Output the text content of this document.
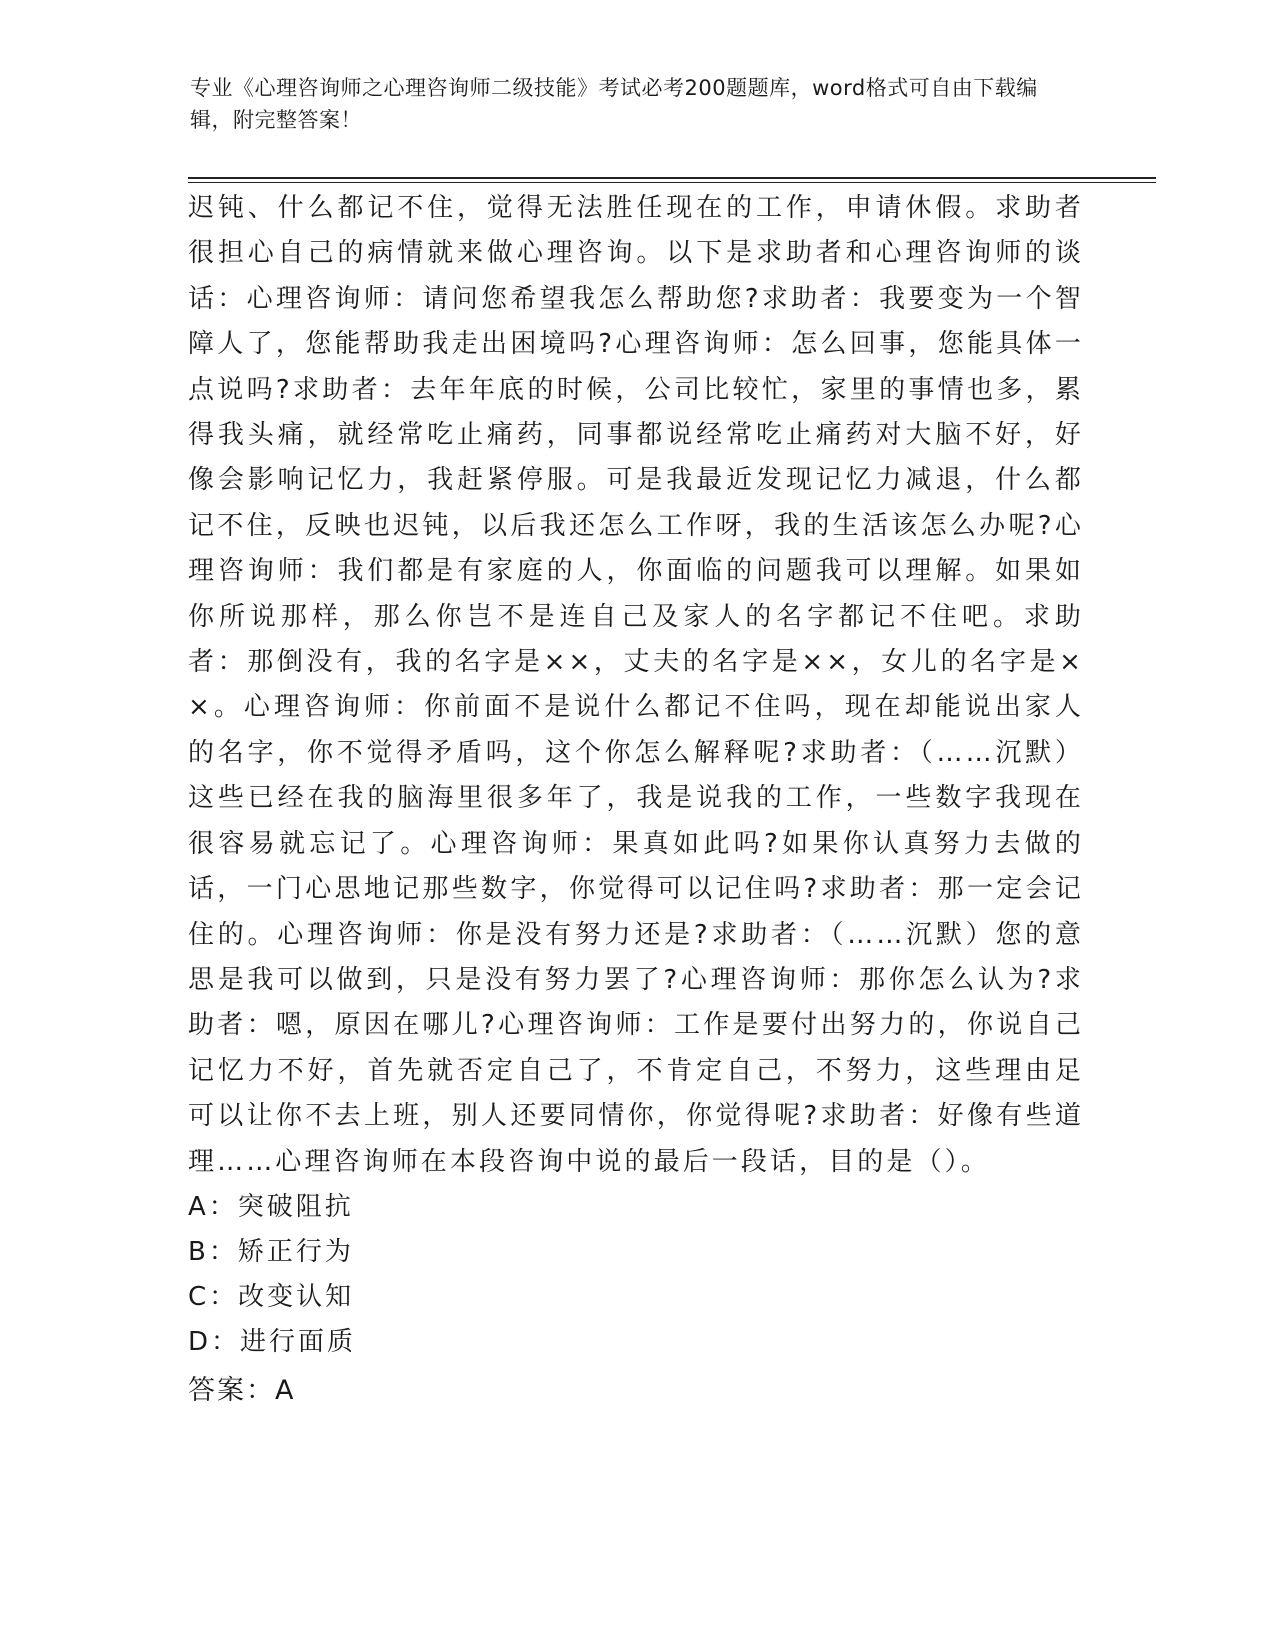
专业《心理咨询师之心理咨询师二级技能》考试必考200题题库，word格式可自由下载编辑，附完整答案！
迟钝、什么都记不住，觉得无法胜任现在的工作，申请休假。求助者很担心自己的病情就来做心理咨询。以下是求助者和心理咨询师的谈话：心理咨询师：请问您希望我怎么帮助您?求助者：我要变为一个智障人了，您能帮助我走出困境吗?心理咨询师：怎么回事，您能具体一点说吗?求助者：去年年底的时候，公司比较忙，家里的事情也多，累得我头痛，就经常吃止痛药，同事都说经常吃止痛药对大脑不好，好像会影响记忆力，我赶紧停服。可是我最近发现记忆力减退，什么都记不住，反映也迟钝，以后我还怎么工作呀，我的生活该怎么办呢?心理咨询师：我们都是有家庭的人，你面临的问题我可以理解。如果如你所说那样，那么你岂不是连自己及家人的名字都记不住吧。求助者：那倒没有，我的名字是××，丈夫的名字是××，女儿的名字是××。心理咨询师：你前面不是说什么都记不住吗，现在却能说出家人的名字，你不觉得矛盾吗，这个你怎么解释呢?求助者：（……沉默）这些已经在我的脑海里很多年了，我是说我的工作，一些数字我现在很容易就忘记了。心理咨询师：果真如此吗?如果你认真努力去做的话，一门心思地记那些数字，你觉得可以记住吗?求助者：那一定会记住的。心理咨询师：你是没有努力还是?求助者：（……沉默）您的意思是我可以做到，只是没有努力罢了?心理咨询师：那你怎么认为?求助者：嗯，原因在哪儿?心理咨询师：工作是要付出努力的，你说自己记忆力不好，首先就否定自己了，不肯定自己，不努力，这些理由足可以让你不去上班，别人还要同情你，你觉得呢?求助者：好像有些道理……心理咨询师在本段咨询中说的最后一段话，目的是（）。
A：突破阻抗
B：矫正行为
C：改变认知
D：进行面质
答案：A
